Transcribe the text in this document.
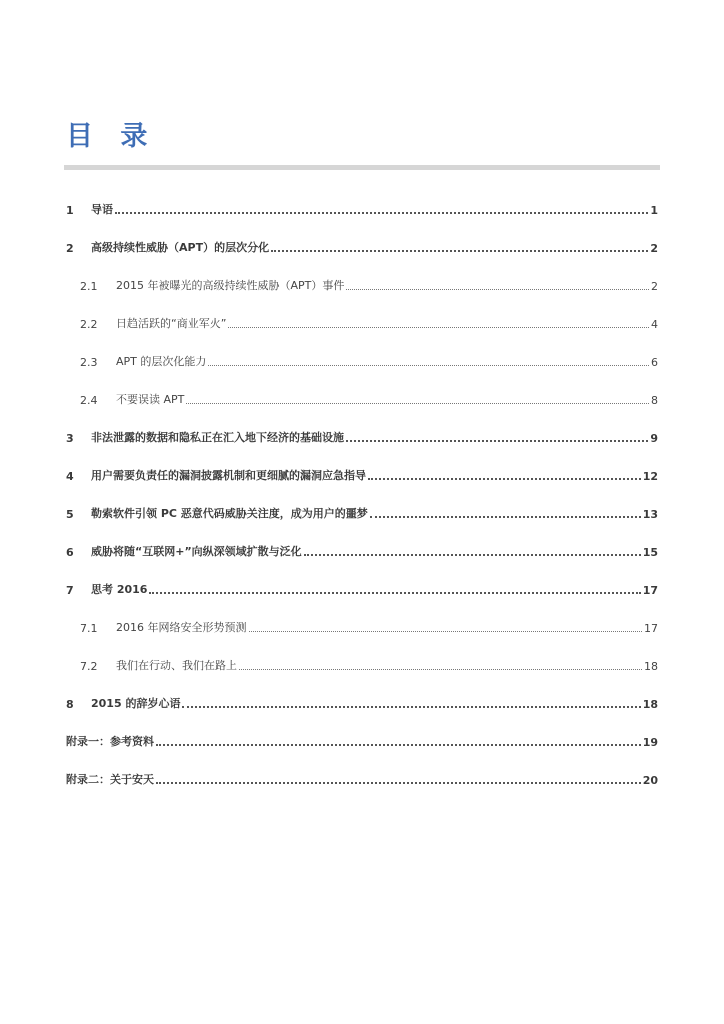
目 录
1	导语	1
2	高级持续性威胁（APT）的层次分化	2
2.1	2015 年被曝光的高级持续性威胁（APT）事件	2
2.2	日趋活跃的“商业军火”	4
2.3	APT 的层次化能力	6
2.4	不要误读 APT	8
3	非法泄露的数据和隐私正在汇入地下经济的基础设施	9
4	用户需要负责任的漏洞披露机制和更细腻的漏洞应急指导	12
5	勒索软件引领 PC 恶意代码威胁关注度，成为用户的噩梦	13
6	威胁将随“互联网+”向纵深领域扩散与泛化	15
7	思考 2016	17
7.1	2016 年网络安全形势预测	17
7.2	我们在行动、我们在路上	18
8	2015 的辞岁心语	18
附录一：参考资料	19
附录二：关于安天	20
